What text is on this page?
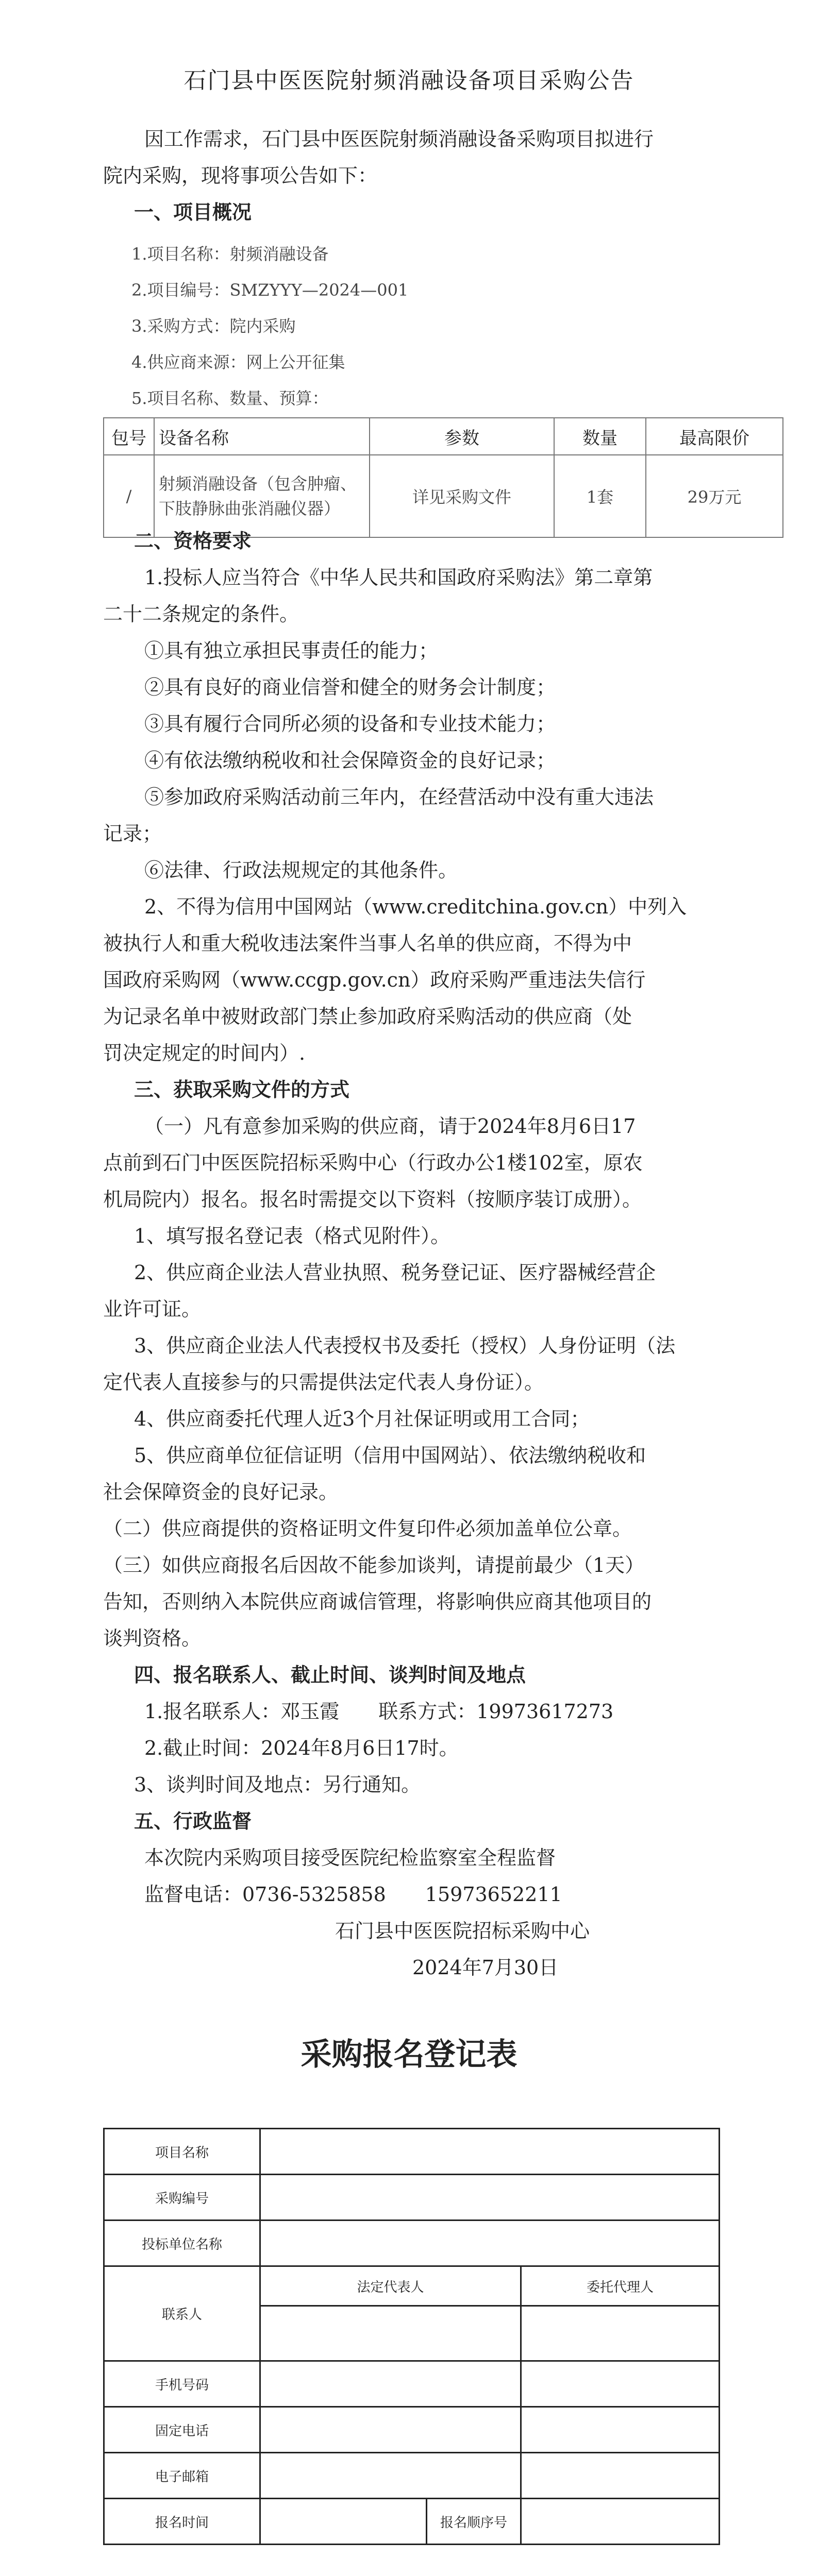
石门县中医医院射频消融设备项目采购公告
因工作需求，石门县中医医院射频消融设备采购项目拟进行
院内采购，现将事项公告如下：
一、项目概况
1.项目名称：射频消融设备
2.项目编号：SMZYYY—2024—001
3.采购方式：院内采购
4.供应商来源：网上公开征集
5.项目名称、数量、预算：
包号	设备名称	参数	数量	最高限价
/	射频消融设备（包含肿瘤、下肢静脉曲张消融仪器）	详见采购文件	1套	29万元
二、资格要求
1.投标人应当符合《中华人民共和国政府采购法》第二章第
二十二条规定的条件。
①具有独立承担民事责任的能力；
②具有良好的商业信誉和健全的财务会计制度；
③具有履行合同所必须的设备和专业技术能力；
④有依法缴纳税收和社会保障资金的良好记录；
⑤参加政府采购活动前三年内，在经营活动中没有重大违法
记录；
⑥法律、行政法规规定的其他条件。
2、不得为信用中国网站（www.creditchina.gov.cn）中列入
被执行人和重大税收违法案件当事人名单的供应商，不得为中
国政府采购网（www.ccgp.gov.cn）政府采购严重违法失信行
为记录名单中被财政部门禁止参加政府采购活动的供应商（处
罚决定规定的时间内）.
三、获取采购文件的方式
（一）凡有意参加采购的供应商，请于2024年8月6日17
点前到石门中医医院招标采购中心（行政办公1楼102室，原农
机局院内）报名。报名时需提交以下资料（按顺序装订成册）。
1、填写报名登记表（格式见附件）。
2、供应商企业法人营业执照、税务登记证、医疗器械经营企
业许可证。
3、供应商企业法人代表授权书及委托（授权）人身份证明（法
定代表人直接参与的只需提供法定代表人身份证）。
4、供应商委托代理人近3个月社保证明或用工合同；
5、供应商单位征信证明（信用中国网站）、依法缴纳税收和
社会保障资金的良好记录。
（二）供应商提供的资格证明文件复印件必须加盖单位公章。
（三）如供应商报名后因故不能参加谈判，请提前最少（1天）
告知，否则纳入本院供应商诚信管理，将影响供应商其他项目的
谈判资格。
四、报名联系人、截止时间、谈判时间及地点
1.报名联系人：邓玉霞　　联系方式：19973617273
2.截止时间：2024年8月6日17时。
3、谈判时间及地点：另行通知。
五、行政监督
本次院内采购项目接受医院纪检监察室全程监督
监督电话：0736-5325858　　15973652211
石门县中医医院招标采购中心
2024年7月30日
采购报名登记表
项目名称			
采购编号			
投标单位名称			
联系人	法定代表人		委托代理人

手机号码			
固定电话			
电子邮箱			
报名时间		报名顺序号	
